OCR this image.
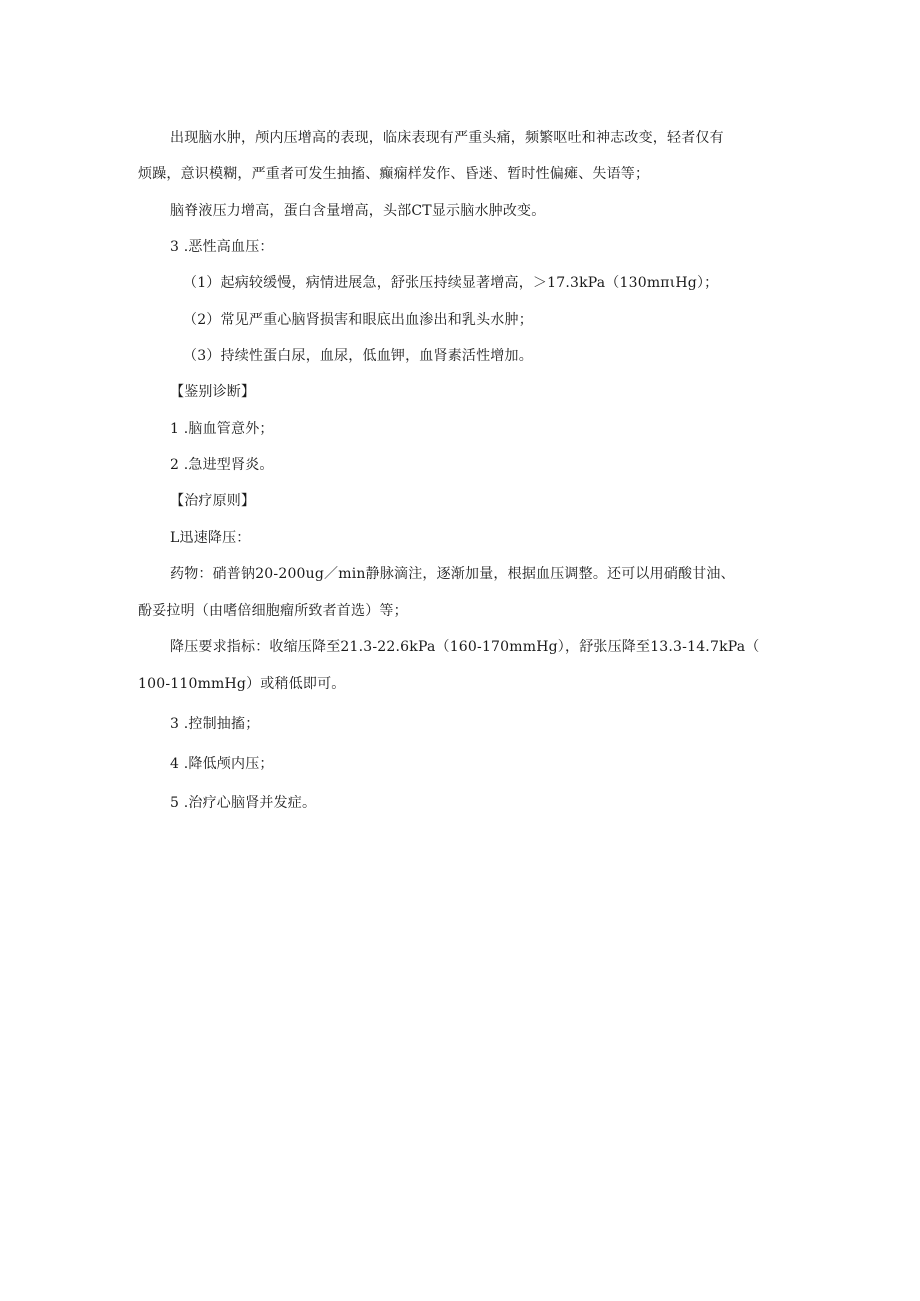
出现脑水肿，颅内压增高的表现，临床表现有严重头痛，频繁呕吐和神志改变，轻者仅有
烦躁，意识模糊，严重者可发生抽搐、癫痫样发作、昏迷、暂时性偏瘫、失语等；
脑脊液压力增高，蛋白含量增高，头部CT显示脑水肿改变。
3 .恶性高血压：
（1）起病较缓慢，病情进展急，舒张压持续显著增高，＞17.3kPa（130mπιHg）；
（2）常见严重心脑肾损害和眼底出血渗出和乳头水肿；
（3）持续性蛋白尿，血尿，低血钾，血肾素活性增加。
【鉴别诊断】
1 .脑血管意外；
2 .急进型肾炎。
【治疗原则】
L迅速降压：
药物：硝普钠20-200ug／min静脉滴注，逐渐加量，根据血压调整。还可以用硝酸甘油、
酚妥拉明（由嗜倍细胞瘤所致者首选）等；
降压要求指标：收缩压降至21.3-22.6kPa（160-170mmHg），舒张压降至13.3-14.7kPa（
100-110mmHg）或稍低即可。
3 .控制抽搐；
4 .降低颅内压；
5 .治疗心脑肾并发症。
